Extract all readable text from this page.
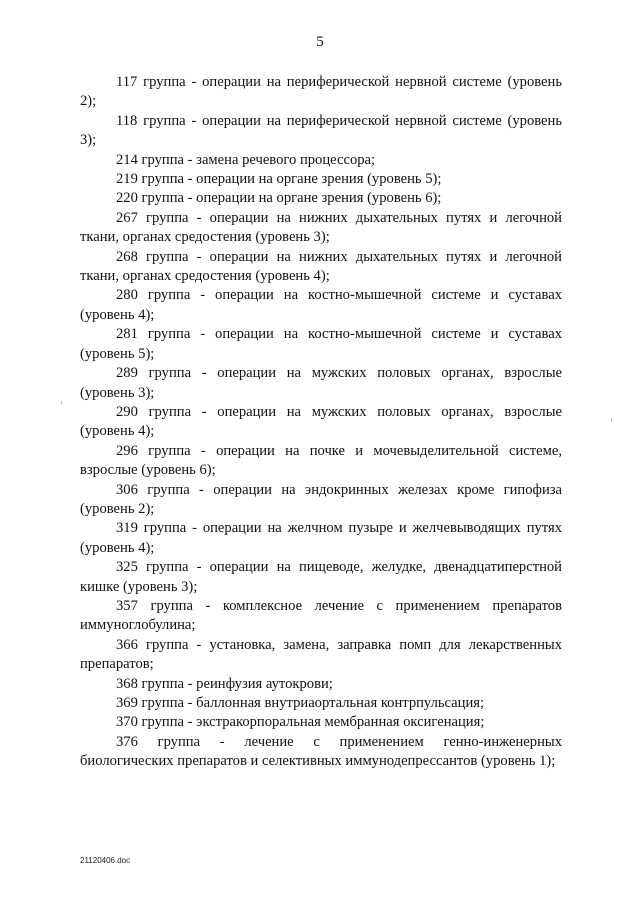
5

117 группа - операции на периферической нервной системе (уровень 2);

118 группа - операции на периферической нервной системе (уровень 3);

214 группа - замена речевого процессора;

219 группа - операции на органе зрения (уровень 5);

220 группа - операции на органе зрения (уровень 6);

267 группа - операции на нижних дыхательных путях и легочной ткани, органах средостения (уровень 3);

268 группа - операции на нижних дыхательных путях и легочной ткани, органах средостения (уровень 4);

280 группа - операции на костно-мышечной системе и суставах (уровень 4);

281 группа - операции на костно-мышечной системе и суставах (уровень 5);

289 группа - операции на мужских половых органах, взрослые (уровень 3);

290 группа - операции на мужских половых органах, взрослые (уровень 4);

296 группа - операции на почке и мочевыделительной системе, взрослые (уровень 6);

306 группа - операции на эндокринных железах кроме гипофиза (уровень 2);

319 группа - операции на желчном пузыре и желчевыводящих путях (уровень 4);

325 группа - операции на пищеводе, желудке, двенадцатиперстной кишке (уровень 3);

357 группа - комплексное лечение с применением препаратов иммуноглобулина;

366 группа - установка, замена, заправка помп для лекарственных препаратов;

368 группа - реинфузия аутокрови;

369 группа - баллонная внутриаортальная контрпульсация;

370 группа - экстракорпоральная мембранная оксигенация;

376 группа - лечение с применением генно-инженерных биологических препаратов и селективных иммунодепрессантов (уровень 1);

21120406.doc
